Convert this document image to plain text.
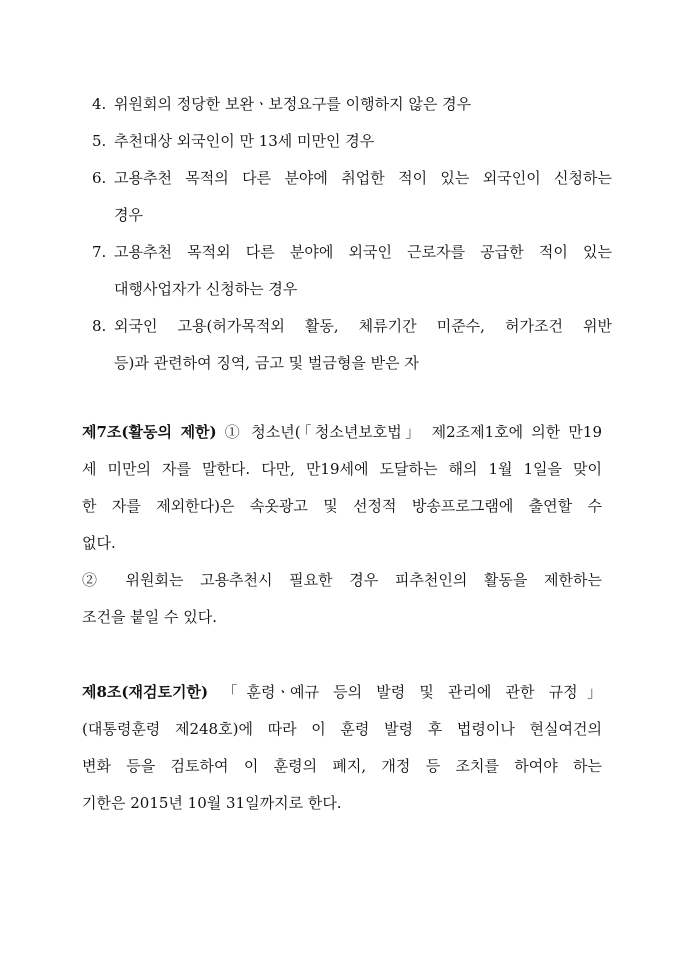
4. 위원회의 정당한 보완ㆍ보정요구를 이행하지 않은 경우
5. 추천대상 외국인이 만 13세 미만인 경우
6. 고용추천 목적의 다른 분야에 취업한 적이 있는 외국인이 신청하는
경우
7. 고용추천 목적외 다른 분야에 외국인 근로자를 공급한 적이 있는
대행사업자가 신청하는 경우
8. 외국인 고용(허가목적외 활동, 체류기간 미준수, 허가조건 위반
등)과 관련하여 징역, 금고 및 벌금형을 받은 자
제7조(활동의 제한) ① 청소년(「청소년보호법」 제2조제1호에 의한 만19
세 미만의 자를 말한다. 다만, 만19세에 도달하는 해의 1월 1일을 맞이
한 자를 제외한다)은 속옷광고 및 선정적 방송프로그램에 출연할 수
없다.
② 위원회는 고용추천시 필요한 경우 피추천인의 활동을 제한하는
조건을 붙일 수 있다.
제8조(재검토기한) 「훈령ㆍ예규 등의 발령 및 관리에 관한 규정」
(대통령훈령 제248호)에 따라 이 훈령 발령 후 법령이나 현실여건의
변화 등을 검토하여 이 훈령의 폐지, 개정 등 조치를 하여야 하는
기한은 2015년 10월 31일까지로 한다.
